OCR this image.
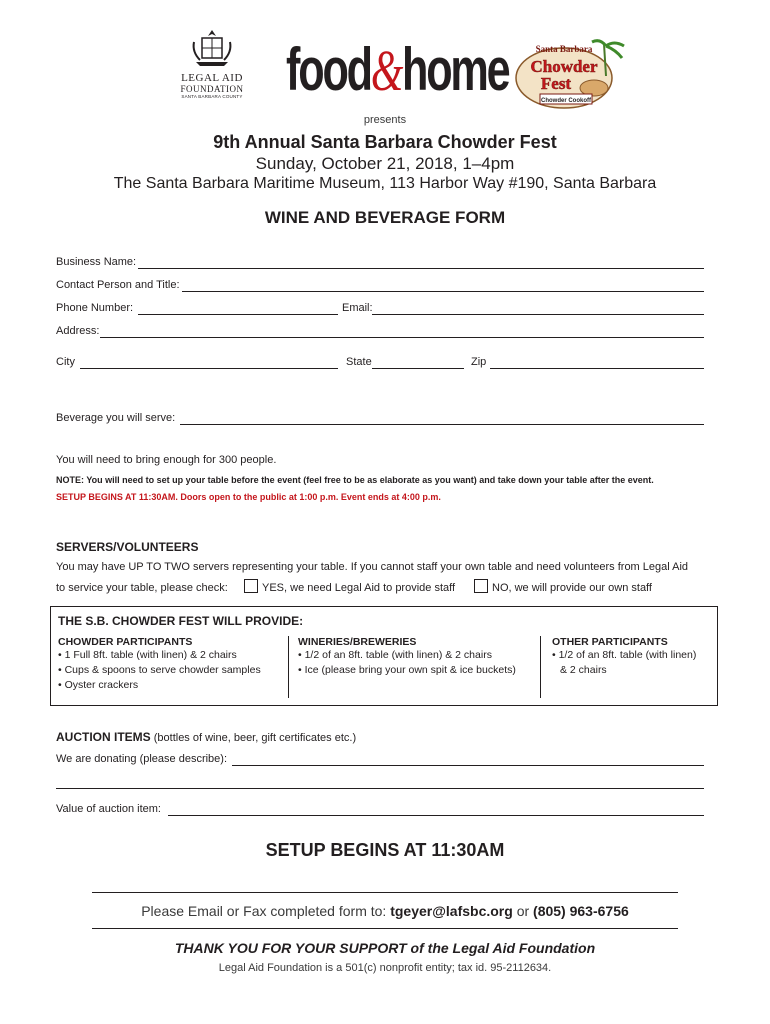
LEGAL AID
FOUNDATION
SANTA BARBARA COUNTY food&home	Santa Barbara
Chowder
Fest
Chowder Cookoff
presents
9th Annual Santa Barbara Chowder Fest
Sunday, October 21, 2018, 1–4pm
The Santa Barbara Maritime Museum, 113 Harbor Way #190, Santa Barbara
WINE AND BEVERAGE FORM
Business Name:
Contact Person and Title:
Phone Number:	Email:
Address:
City	State	Zip
Beverage you will serve:
You will need to bring enough for 300 people.
NOTE: You will need to set up your table before the event (feel free to be as elaborate as you want) and take down your table after the event.
SETUP BEGINS AT 11:30AM. Doors open to the public at 1:00 p.m. Event ends at 4:00 p.m.
SERVERS/VOLUNTEERS
You may have UP TO TWO servers representing your table. If you cannot staff your own table and need volunteers from Legal Aid
to service your table, please check:	YES, we need Legal Aid to provide staff	NO, we will provide our own staff
THE S.B. CHOWDER FEST WILL PROVIDE:
CHOWDER PARTICIPANTS
• 1 Full 8ft. table (with linen) & 2 chairs
• Cups & spoons to serve chowder samples
• Oyster crackers
WINERIES/BREWERIES
• 1/2 of an 8ft. table (with linen) & 2 chairs
• Ice (please bring your own spit & ice buckets)
OTHER PARTICIPANTS
• 1/2 of an 8ft. table (with linen)
& 2 chairs
AUCTION ITEMS (bottles of wine, beer, gift certificates etc.)
We are donating (please describe):
Value of auction item:
SETUP BEGINS AT 11:30AM
Please Email or Fax completed form to: tgeyer@lafsbc.org or (805) 963-6756
THANK YOU FOR YOUR SUPPORT of the Legal Aid Foundation
Legal Aid Foundation is a 501(c) nonprofit entity; tax id. 95-2112634.
